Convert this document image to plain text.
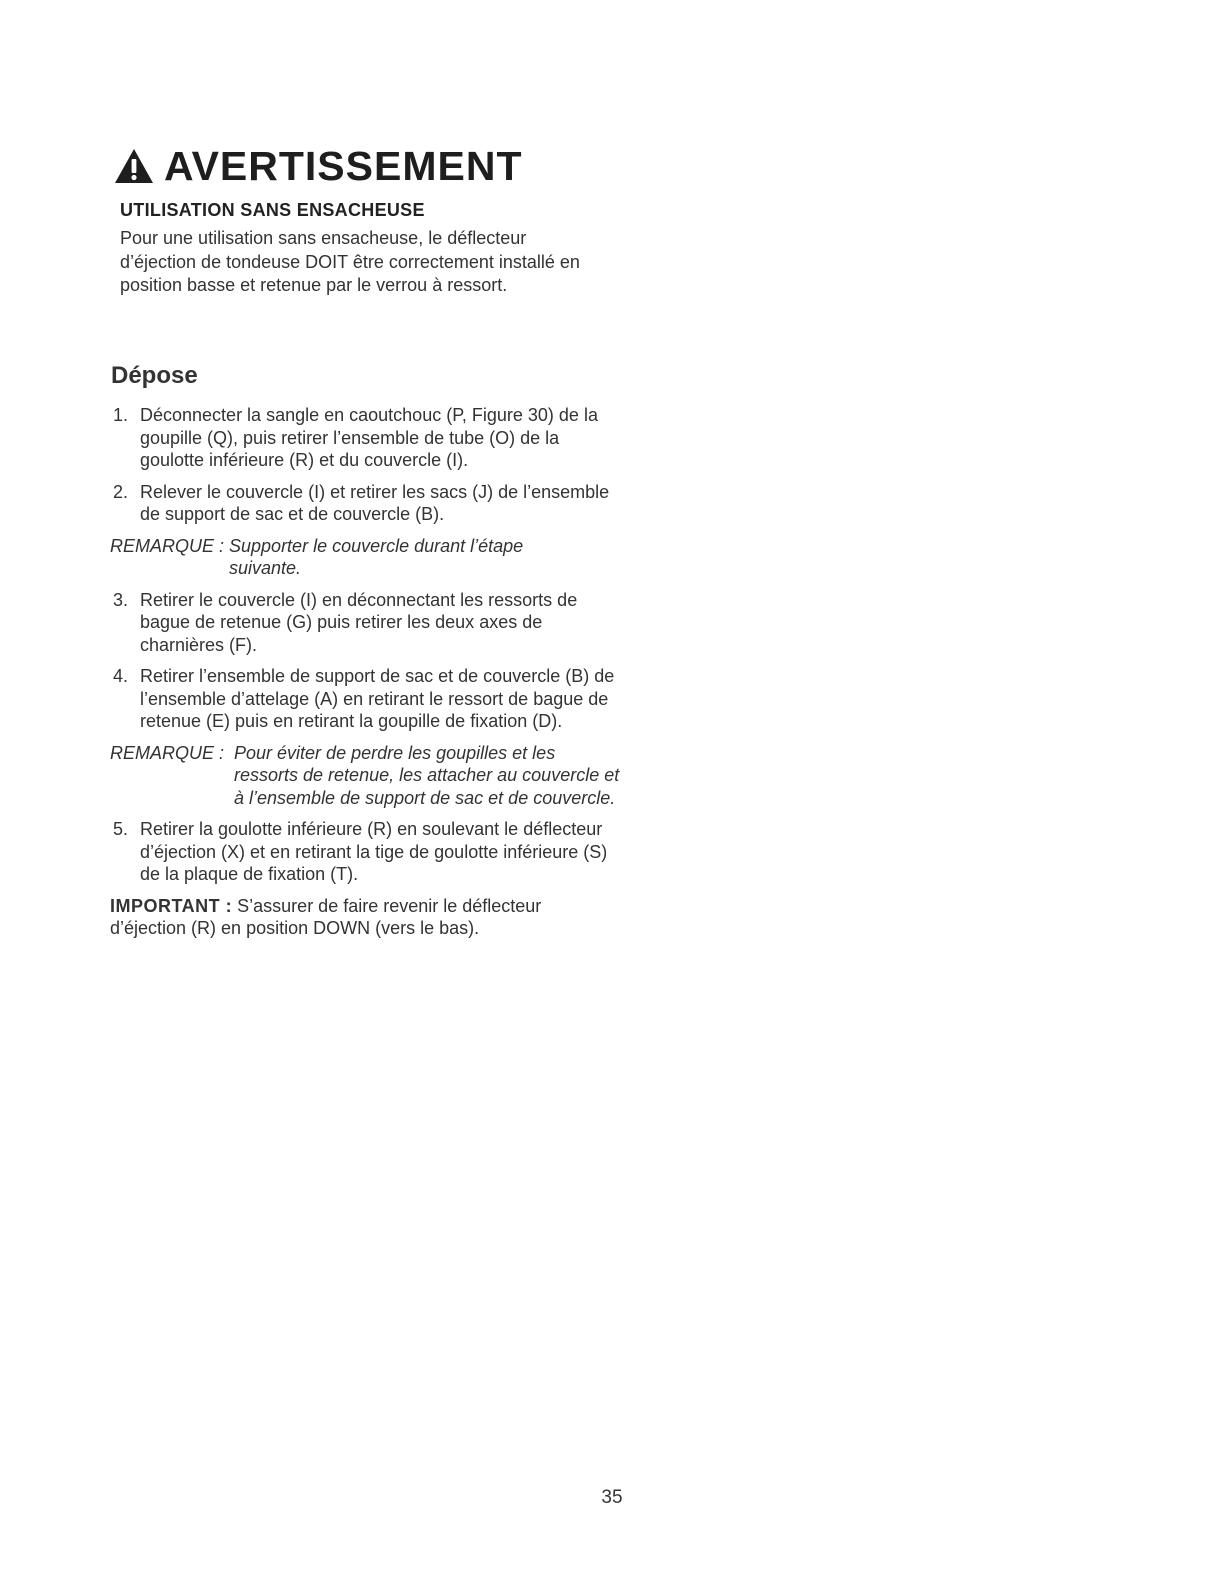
AVERTISSEMENT
UTILISATION SANS ENSACHEUSE
Pour une utilisation sans ensacheuse, le déflecteur d’éjection de tondeuse DOIT être correctement installé en position basse et retenue par le verrou à ressort.
Dépose
1. Déconnecter la sangle en caoutchouc (P, Figure 30) de la goupille (Q), puis retirer l’ensemble de tube (O) de la goulotte inférieure (R) et du couvercle (I).
2. Relever le couvercle (I) et retirer les sacs (J) de l’ensemble de support de sac et de couvercle (B).
REMARQUE : Supporter le couvercle durant l’étape suivante.
3. Retirer le couvercle (I) en déconnectant les ressorts de bague de retenue (G) puis retirer les deux axes de charnières (F).
4. Retirer l’ensemble de support de sac et de couvercle (B) de l’ensemble d’attelage (A) en retirant le ressort de bague de retenue (E) puis en retirant la goupille de fixation (D).
REMARQUE : Pour éviter de perdre les goupilles et les ressorts de retenue, les attacher au couvercle et à l’ensemble de support de sac et de couvercle.
5. Retirer la goulotte inférieure (R) en soulevant le déflecteur d’éjection (X) et en retirant la tige de goulotte inférieure (S) de la plaque de fixation (T).
IMPORTANT : S’assurer de faire revenir le déflecteur d’éjection (R) en position DOWN (vers le bas).
35
